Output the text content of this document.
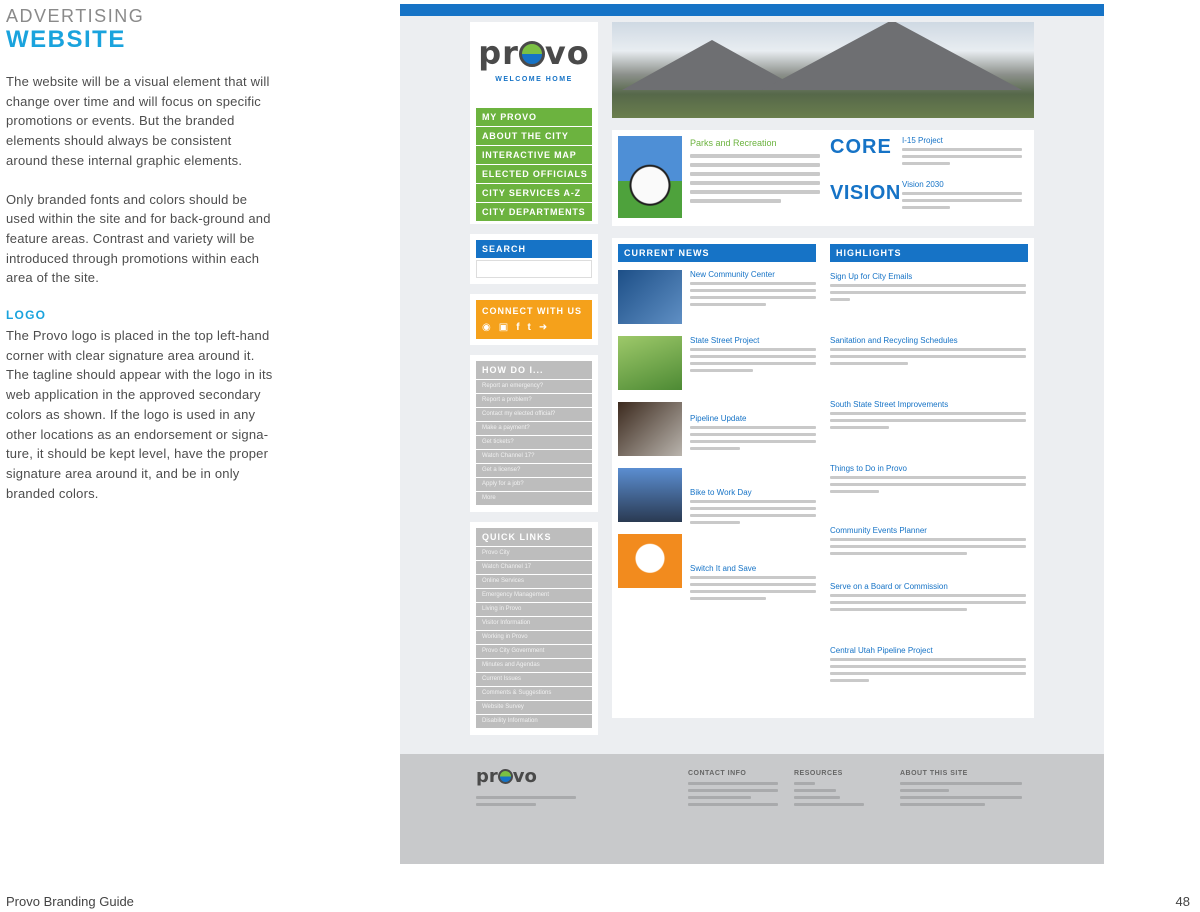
ADVERTISING
WEBSITE

The website will be a visual element that will change over time and will focus on specific promotions or events. But the branded elements should always be consistent around these internal graphic elements.

Only branded fonts and colors should be used within the site and for back-ground and feature areas. Contrast and variety will be introduced through promotions within each area of the site.

LOGO

The Provo logo is placed in the top left-hand corner with clear signature area around it. The tagline should appear with the logo in its web application in the approved secondary colors as shown. If the logo is used in any other locations as an endorsement or signa-ture, it should be kept level, have the proper signature area around it, and be in only branded colors.

Provo Branding Guide	48
pr vo
WELCOME HOME
MY PROVO
ABOUT THE CITY
INTERACTIVE MAP
ELECTED OFFICIALS
CITY SERVICES A-Z
CITY DEPARTMENTS
SEARCH
CONNECT WITH US
◉▣ft➜
HOW DO I...
Report an emergency?
Report a problem?
Contact my elected official?
Make a payment?
Get tickets?
Watch Channel 17?
Get a license?
Apply for a job?
More
QUICK LINKS
Provo City
Watch Channel 17
Online Services
Emergency Management
Living in Provo
Visitor Information
Working in Provo
Provo City Government
Minutes and Agendas
Current Issues
Comments & Suggestions
Website Survey
Disability Information
Parks and Recreation	CORE I-15 Project
VISION Vision 2030
CURRENT NEWS	HIGHLIGHTS
New Community Center
State Street Project
Pipeline Update
Bike to Work Day
Switch It and Save
Sign Up for City Emails
Sanitation and Recycling Schedules
South State Street Improvements
Things to Do in Provo
Community Events Planner
Serve on a Board or Commission
Central Utah Pipeline Project
pr vo	CONTACT INFO	RESOURCES	ABOUT THIS SITE
